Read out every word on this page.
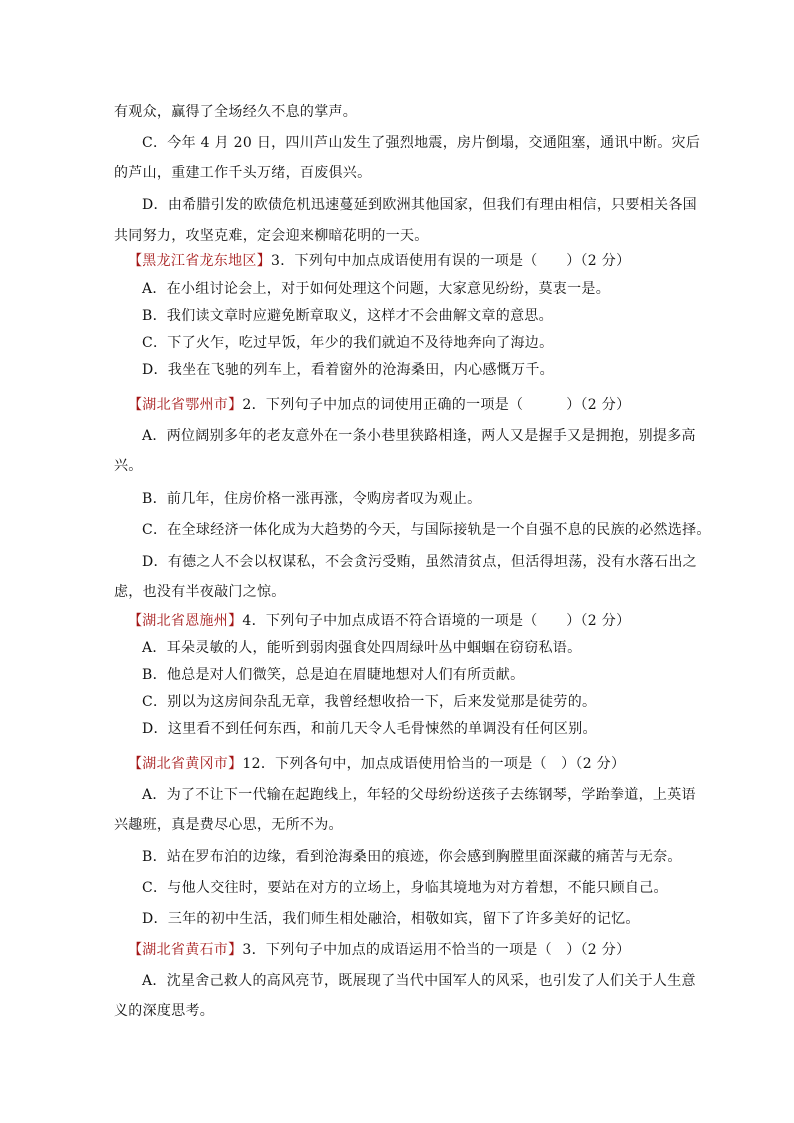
有观众，赢得了全场经久不息的掌声。
C．今年 4 月 20 日，四川芦山发生了强烈地震，房片倒塌，交通阻塞，通讯中断。灾后
的芦山，重建工作千头万绪，百废俱兴。
D．由希腊引发的欧债危机迅速蔓延到欧洲其他国家，但我们有理由相信，只要相关各国
共同努力，攻坚克难，定会迎来柳暗花明的一天。
【黑龙江省龙东地区】3．下列句中加点成语使用有误的一项是（　　）（2 分）
A．在小组讨论会上，对于如何处理这个问题，大家意见纷纷，莫衷一是。
B．我们读文章时应避免断章取义，这样才不会曲解文章的意思。
C．下了火乍，吃过早饭，年少的我们就迫不及待地奔向了海边。
D．我坐在飞驰的列车上，看着窗外的沧海桑田，内心感慨万千。
【湖北省鄂州市】2．下列句子中加点的词使用正确的一项是（　　　）（2 分）
A．两位阔别多年的老友意外在一条小巷里狭路相逢，两人又是握手又是拥抱，别提多高
兴。
B．前几年，住房价格一涨再涨，令购房者叹为观止。
C．在全球经济一体化成为大趋势的今天，与国际接轨是一个自强不息的民族的必然选择。
D．有德之人不会以权谋私，不会贪污受贿，虽然清贫点，但活得坦荡，没有水落石出之
虑，也没有半夜敲门之惊。
【湖北省恩施州】4．下列句子中加点成语不符合语境的一项是（　　）（2 分）
A．耳朵灵敏的人，能听到弱肉强食处四周绿叶丛中蝈蝈在窃窃私语。
B．他总是对人们微笑，总是迫在眉睫地想对人们有所贡献。
C．别以为这房间杂乱无章，我曾经想收拾一下，后来发觉那是徒劳的。
D．这里看不到任何东西，和前几天令人毛骨悚然的单调没有任何区别。
【湖北省黄冈市】12．下列各句中，加点成语使用恰当的一项是（　）（2 分）
A．为了不让下一代输在起跑线上，年轻的父母纷纷送孩子去练钢琴，学跆拳道，上英语
兴趣班，真是费尽心思，无所不为。
B．站在罗布泊的边缘，看到沧海桑田的痕迹，你会感到胸膛里面深藏的痛苦与无奈。
C．与他人交往时，要站在对方的立场上，身临其境地为对方着想，不能只顾自己。
D．三年的初中生活，我们师生相处融洽，相敬如宾，留下了许多美好的记忆。
【湖北省黄石市】3．下列句子中加点的成语运用不恰当的一项是（　）（2 分）
A．沈星舍己救人的高风亮节，既展现了当代中国军人的风采，也引发了人们关于人生意
义的深度思考。
